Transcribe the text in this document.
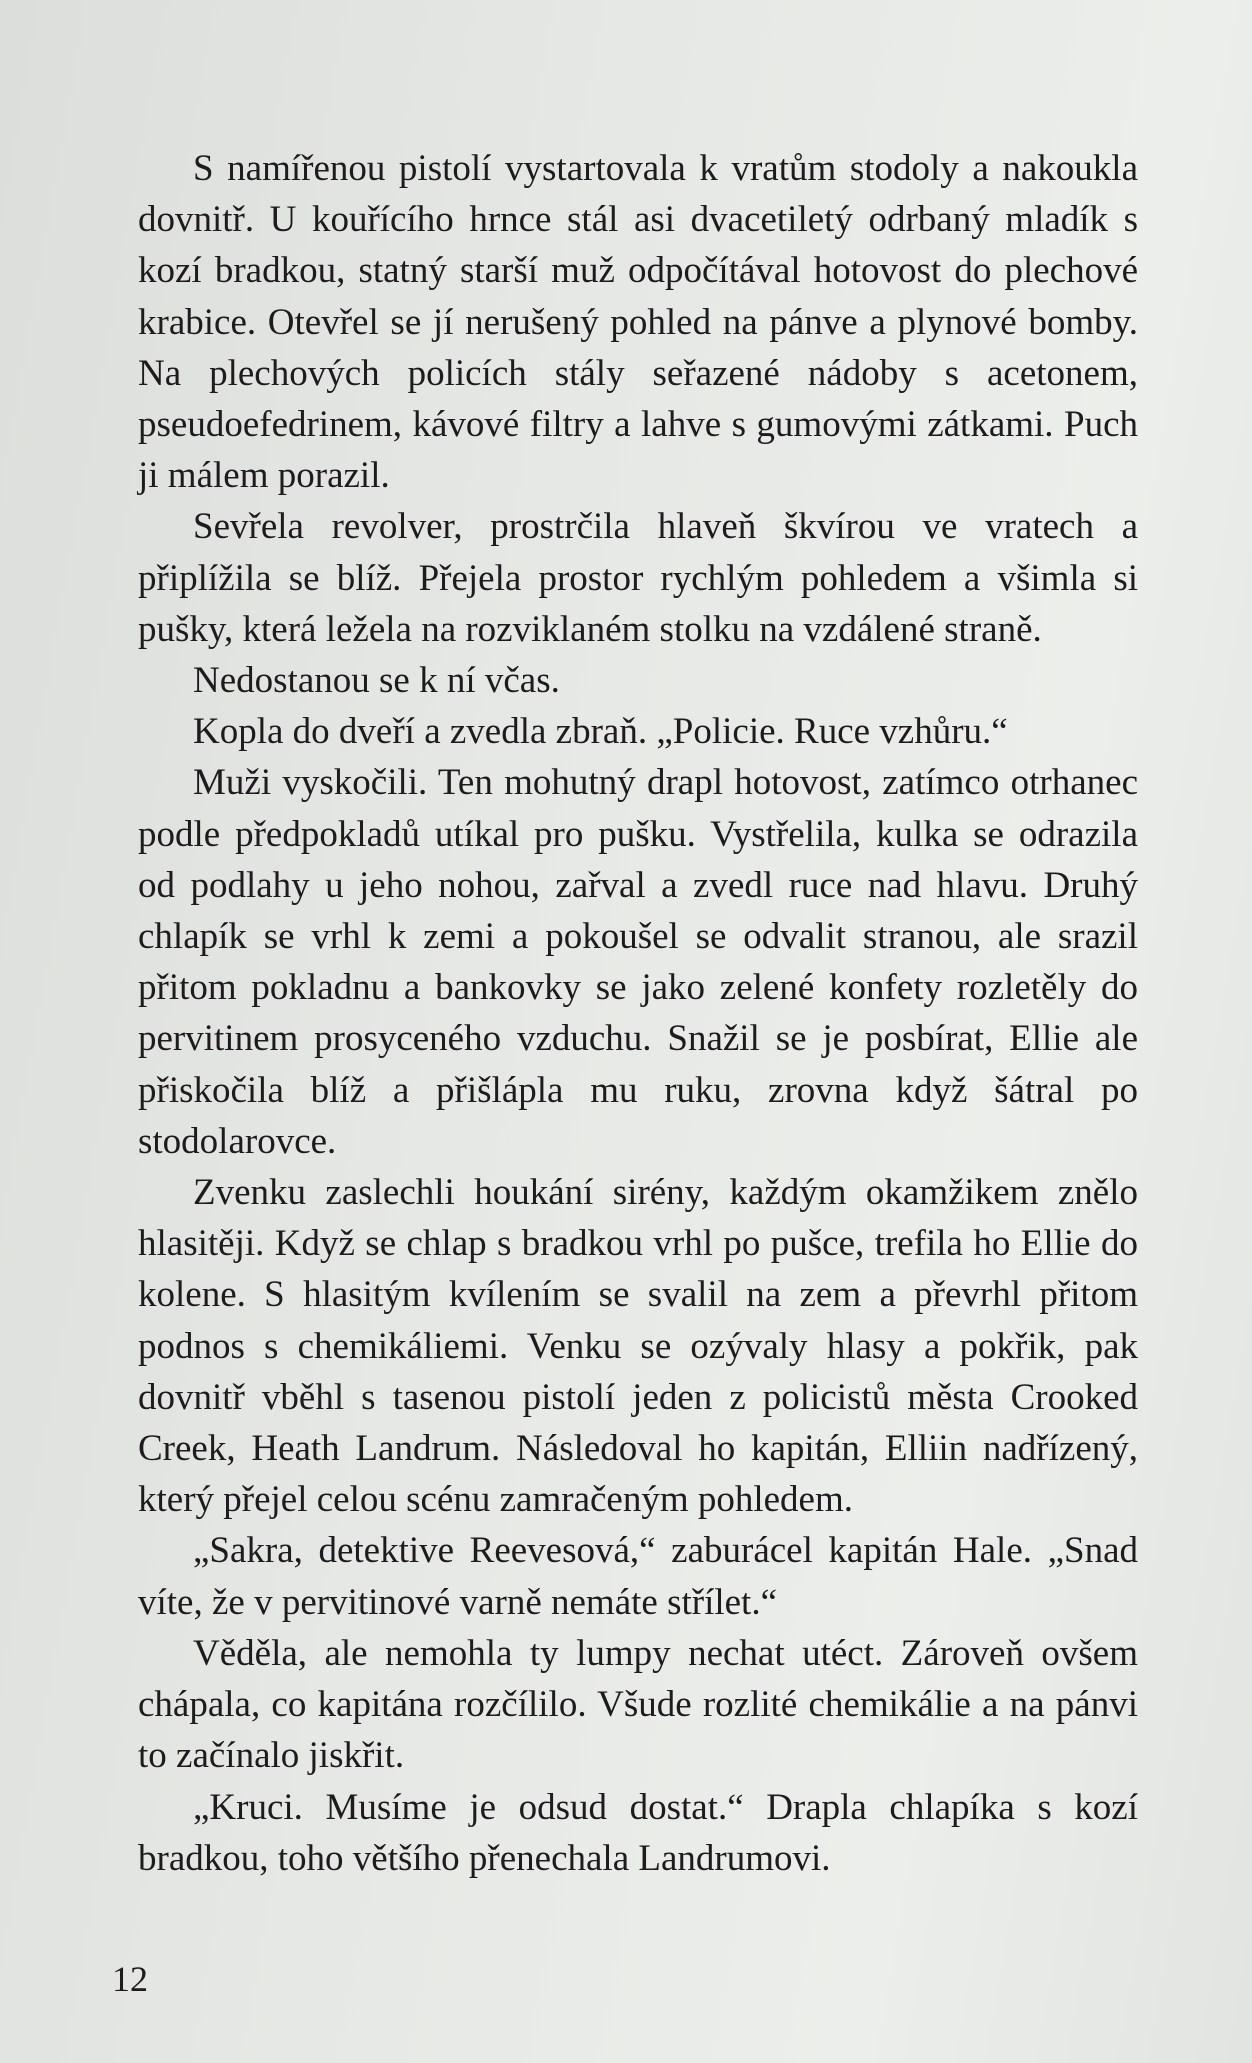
S namířenou pistolí vystartovala k vratům stodoly a nakoukla dovnitř. U kouřícího hrnce stál asi dvacetiletý odrbaný mladík s kozí bradkou, statný starší muž odpočítával hotovost do plechové krabice. Otevřel se jí nerušený pohled na pánve a plynové bomby. Na plechových policích stály seřazené nádoby s acetonem, pseudoefedrinem, kávové filtry a lahve s gumovými zátkami. Puch ji málem porazil.

Sevřela revolver, prostrčila hlaveň škvírou ve vratech a připlížila se blíž. Přejela prostor rychlým pohledem a všimla si pušky, která ležela na rozviklaném stolku na vzdálené straně.

Nedostanou se k ní včas.

Kopla do dveří a zvedla zbraň. „Policie. Ruce vzhůru.“

Muži vyskočili. Ten mohutný drapl hotovost, zatímco otrhanec podle předpokladů utíkal pro pušku. Vystřelila, kulka se odrazila od podlahy u jeho nohou, zařval a zvedl ruce nad hlavu. Druhý chlapík se vrhl k zemi a pokoušel se odvalit stranou, ale srazil přitom pokladnu a bankovky se jako zelené konfety rozletěly do pervitinem prosyceného vzduchu. Snažil se je posbírat, Ellie ale přiskočila blíž a přišlápla mu ruku, zrovna když šátral po stodolarovce.

Zvenku zaslechli houkání sirény, každým okamžikem znělo hlasitěji. Když se chlap s bradkou vrhl po pušce, trefila ho Ellie do kolene. S hlasitým kvílením se svalil na zem a převrhl přitom podnos s chemikáliemi. Venku se ozývaly hlasy a pokřik, pak dovnitř vběhl s tasenou pistolí jeden z policistů města Crooked Creek, Heath Landrum. Následoval ho kapitán, Elliin nadřízený, který přejel celou scénu zamračeným pohledem.

„Sakra, detektive Reevesová,“ zaburácel kapitán Hale. „Snad víte, že v pervitinové varně nemáte střílet.“

Věděla, ale nemohla ty lumpy nechat utéct. Zároveň ovšem chápala, co kapitána rozčílilo. Všude rozlité chemikálie a na pánvi to začínalo jiskřit.

„Kruci. Musíme je odsud dostat.“ Drapla chlapíka s kozí bradkou, toho většího přenechala Landrumovi.

12
